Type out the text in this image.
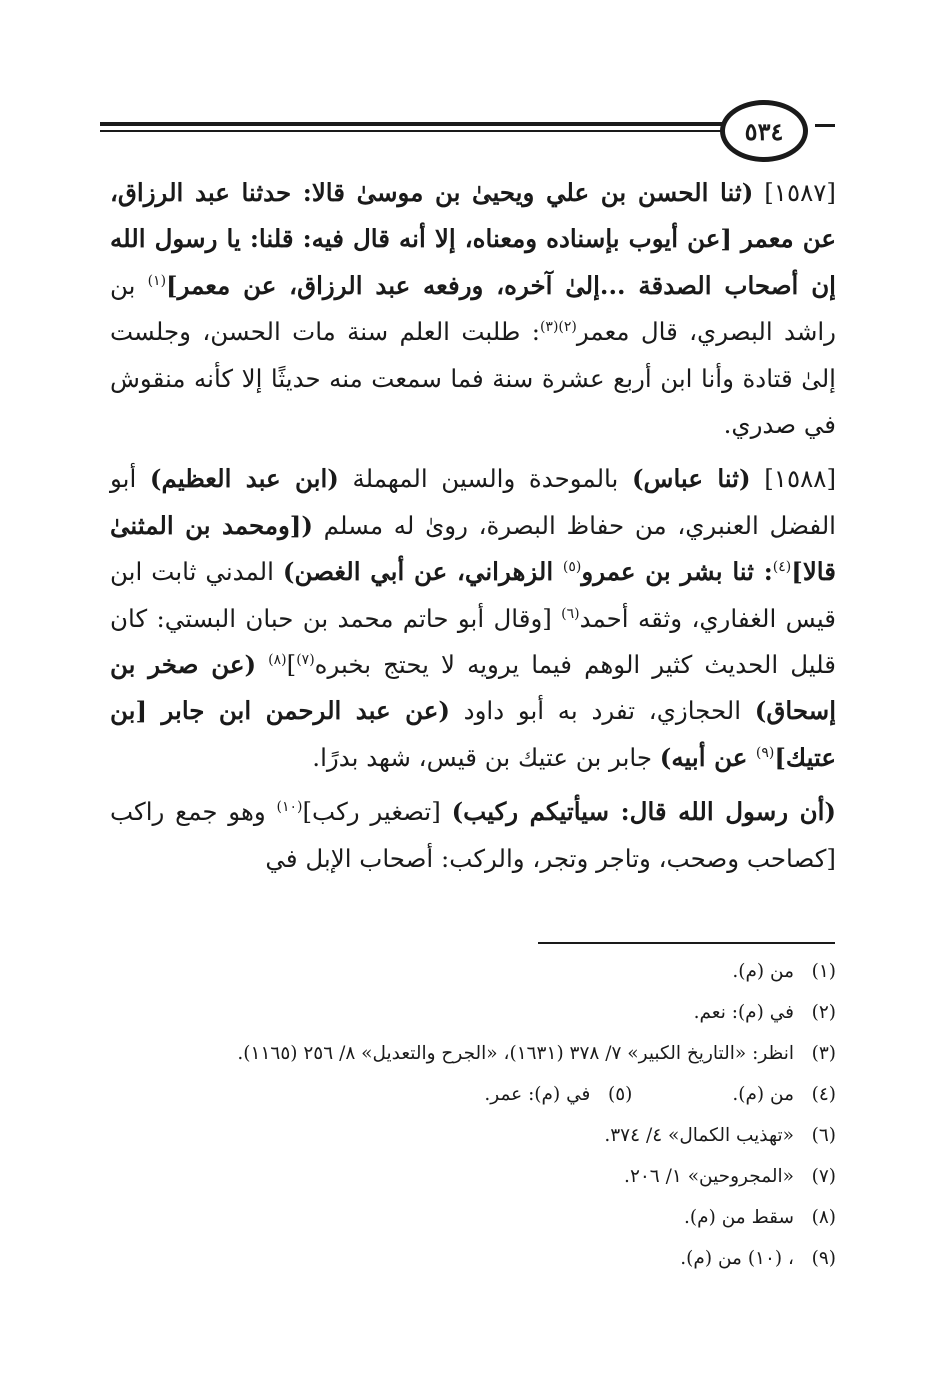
٥٣٤

[١٥٨٧] (ثنا الحسن بن علي ويحيىٰ بن موسىٰ قالا: حدثنا عبد الرزاق، عن معمر [عن أيوب بإسناده ومعناه، إلا أنه قال فيه: قلنا: يا رسول الله إن أصحاب الصدقة ...إلىٰ آخره، ورفعه عبد الرزاق، عن معمر]$^{(١)}$ بن راشد البصري، قال معمر$^{(٢)(٣)}$: طلبت العلم سنة مات الحسن، وجلست إلىٰ قتادة وأنا ابن أربع عشرة سنة فما سمعت منه حديثًا إلا كأنه منقوش في صدري.

[١٥٨٨] (ثنا عباس) بالموحدة والسين المهملة (ابن عبد العظيم) أبو الفضل العنبري، من حفاظ البصرة، روىٰ له مسلم ([ومحمد بن المثنىٰ قالا]$^{(٤)}$: ثنا بشر بن عمرو$^{(٥)}$ الزهراني، عن أبي الغصن) المدني ثابت ابن قيس الغفاري، وثقه أحمد$^{(٦)}$ [وقال أبو حاتم محمد بن حبان البستي: كان قليل الحديث كثير الوهم فيما يرويه لا يحتج بخبره$^{(٧)}$]$^{(٨)}$ (عن صخر بن إسحاق) الحجازي، تفرد به أبو داود (عن عبد الرحمن ابن جابر [بن عتيك]$^{(٩)}$ عن أبيه) جابر بن عتيك بن قيس، شهد بدرًا.

(أن رسول الله قال: سيأتيكم ركيب) [تصغير ركب]$^{(١٠)}$ وهو جمع راكب [كصاحب وصحب، وتاجر وتجر، والركب: أصحاب الإبل في

(١)من (م).
(٢)في (م): نعم.
(٣)انظر: «التاريخ الكبير» ٧/ ٣٧٨ (١٦٣١)، «الجرح والتعديل» ٨/ ٢٥٦ (١١٦٥).
(٤)من (م).(٥)في (م): عمر.
(٦)«تهذيب الكمال» ٤/ ٣٧٤.
(٧)«المجروحين» ١/ ٢٠٦.
(٨)سقط من (م).
(٩)، (١٠) من (م).
